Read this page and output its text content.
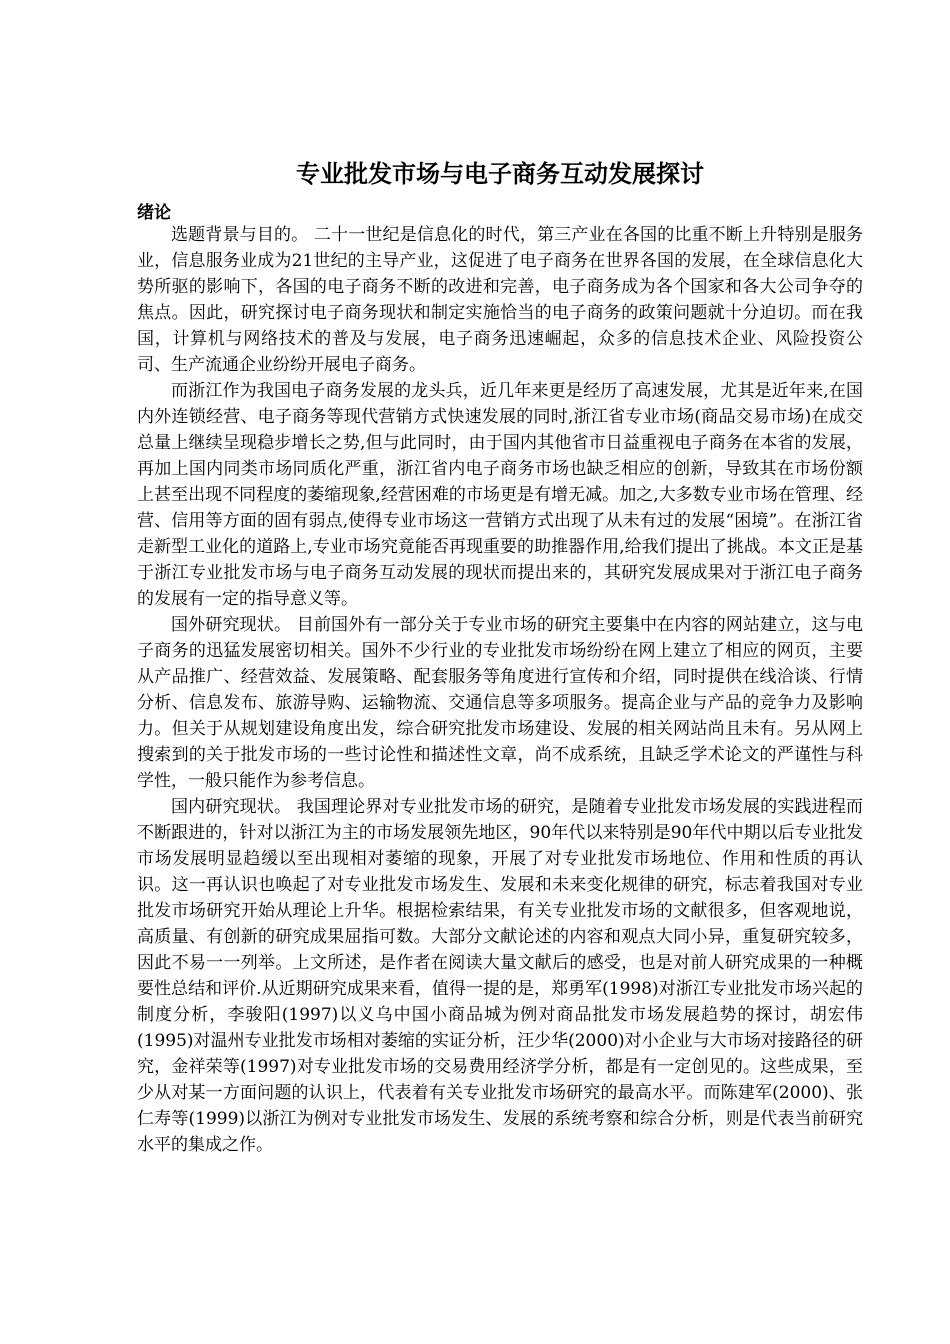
专业批发市场与电子商务互动发展探讨
绪论

选题背景与目的。 二十一世纪是信息化的时代，第三产业在各国的比重不断上升特别是服务业，信息服务业成为21世纪的主导产业，这促进了电子商务在世界各国的发展，在全球信息化大势所驱的影响下，各国的电子商务不断的改进和完善，电子商务成为各个国家和各大公司争夺的焦点。因此，研究探讨电子商务现状和制定实施恰当的电子商务的政策问题就十分迫切。而在我国，计算机与网络技术的普及与发展，电子商务迅速崛起，众多的信息技术企业、风险投资公司、生产流通企业纷纷开展电子商务。

而浙江作为我国电子商务发展的龙头兵，近几年来更是经历了高速发展，尤其是近年来,在国内外连锁经营、电子商务等现代营销方式快速发展的同时,浙江省专业市场(商品交易市场)在成交总量上继续呈现稳步增长之势,但与此同时，由于国内其他省市日益重视电子商务在本省的发展，再加上国内同类市场同质化严重，浙江省内电子商务市场也缺乏相应的创新，导致其在市场份额上甚至出现不同程度的萎缩现象,经营困难的市场更是有增无减。加之,大多数专业市场在管理、经营、信用等方面的固有弱点,使得专业市场这一营销方式出现了从未有过的发展“困境”。在浙江省走新型工业化的道路上,专业市场究竟能否再现重要的助推器作用,给我们提出了挑战。本文正是基于浙江专业批发市场与电子商务互动发展的现状而提出来的，其研究发展成果对于浙江电子商务的发展有一定的指导意义等。

国外研究现状。 目前国外有一部分关于专业市场的研究主要集中在内容的网站建立，这与电子商务的迅猛发展密切相关。国外不少行业的专业批发市场纷纷在网上建立了相应的网页，主要从产品推广、经营效益、发展策略、配套服务等角度进行宣传和介绍，同时提供在线洽谈、行情分析、信息发布、旅游导购、运输物流、交通信息等多项服务。提高企业与产品的竞争力及影响力。但关于从规划建设角度出发，综合研究批发市场建设、发展的相关网站尚且未有。另从网上搜索到的关于批发市场的一些讨论性和描述性文章，尚不成系统，且缺乏学术论文的严谨性与科学性，一般只能作为参考信息。

国内研究现状。 我国理论界对专业批发市场的研究，是随着专业批发市场发展的实践进程而不断跟进的，针对以浙江为主的市场发展领先地区，90年代以来特别是90年代中期以后专业批发市场发展明显趋缓以至出现相对萎缩的现象，开展了对专业批发市场地位、作用和性质的再认识。这一再认识也唤起了对专业批发市场发生、发展和未来变化规律的研究，标志着我国对专业批发市场研究开始从理论上升华。根据检索结果，有关专业批发市场的文献很多，但客观地说，高质量、有创新的研究成果屈指可数。大部分文献论述的内容和观点大同小异，重复研究较多，因此不易一一列举。上文所述，是作者在阅读大量文献后的感受，也是对前人研究成果的一种概要性总结和评价.从近期研究成果来看，值得一提的是，郑勇军(1998)对浙江专业批发市场兴起的制度分析，李骏阳(1997)以义乌中国小商品城为例对商品批发市场发展趋势的探讨，胡宏伟(1995)对温州专业批发市场相对萎缩的实证分析，汪少华(2000)对小企业与大市场对接路径的研究，金祥荣等(1997)对专业批发市场的交易费用经济学分析，都是有一定创见的。这些成果，至少从对某一方面问题的认识上，代表着有关专业批发市场研究的最高水平。而陈建军(2000)、张仁寿等(1999)以浙江为例对专业批发市场发生、发展的系统考察和综合分析，则是代表当前研究水平的集成之作。
